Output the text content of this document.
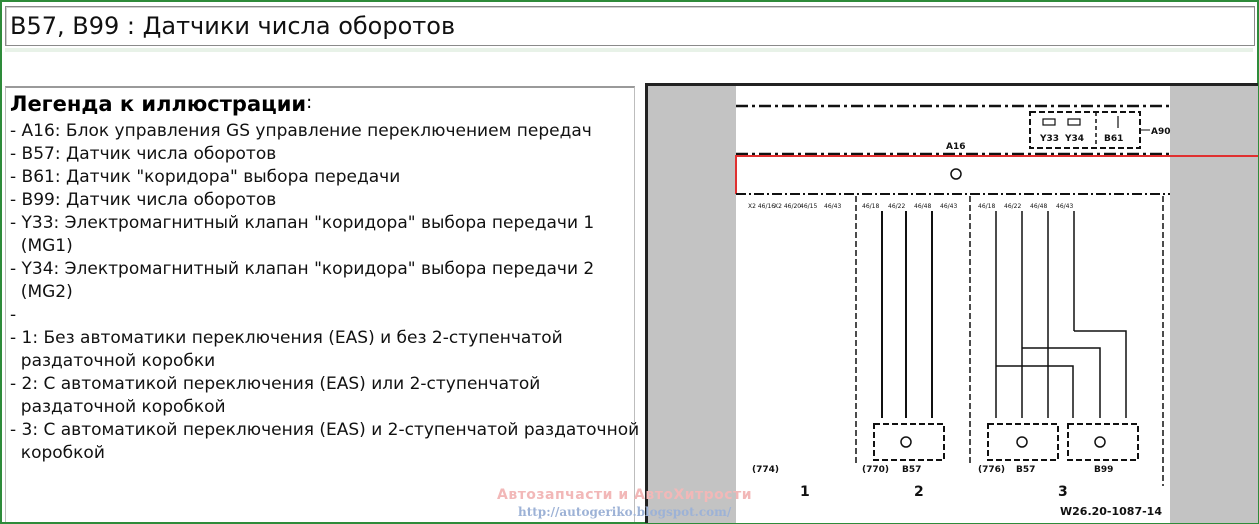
B57, B99 : Датчики числа оборотов
Легенда к иллюстрации:
- A16: Блок управления GS управление переключением передач
- B57: Датчик числа оборотов
- B61: Датчик "коридора" выбора передачи
- B99: Датчик числа оборотов
- Y33: Электромагнитный клапан "коридора" выбора передачи 1
(MG1)
- Y34: Электромагнитный клапан "коридора" выбора передачи 2
(MG2)
-
- 1: Без автоматики переключения (EAS) и без 2-ступенчатой
раздаточной коробки
- 2: С автоматикой переключения (EAS) или 2-ступенчатой
раздаточной коробкой
- 3: С автоматикой переключения (EAS) и 2-ступенчатой раздаточной
коробкой
Y33 Y34 B61
A90
A16
X2 46/16
X2 46/20
46/15 46/43	46/18 46/22 46/48 46/43	46/18 46/22 46/48 46/43
(774)	(770) B57	(776) B57	B99
1	2	3
W26.20-1087-14
Автозапчасти и АвтоХитрости
http://autogeriko.blogspot.com/
